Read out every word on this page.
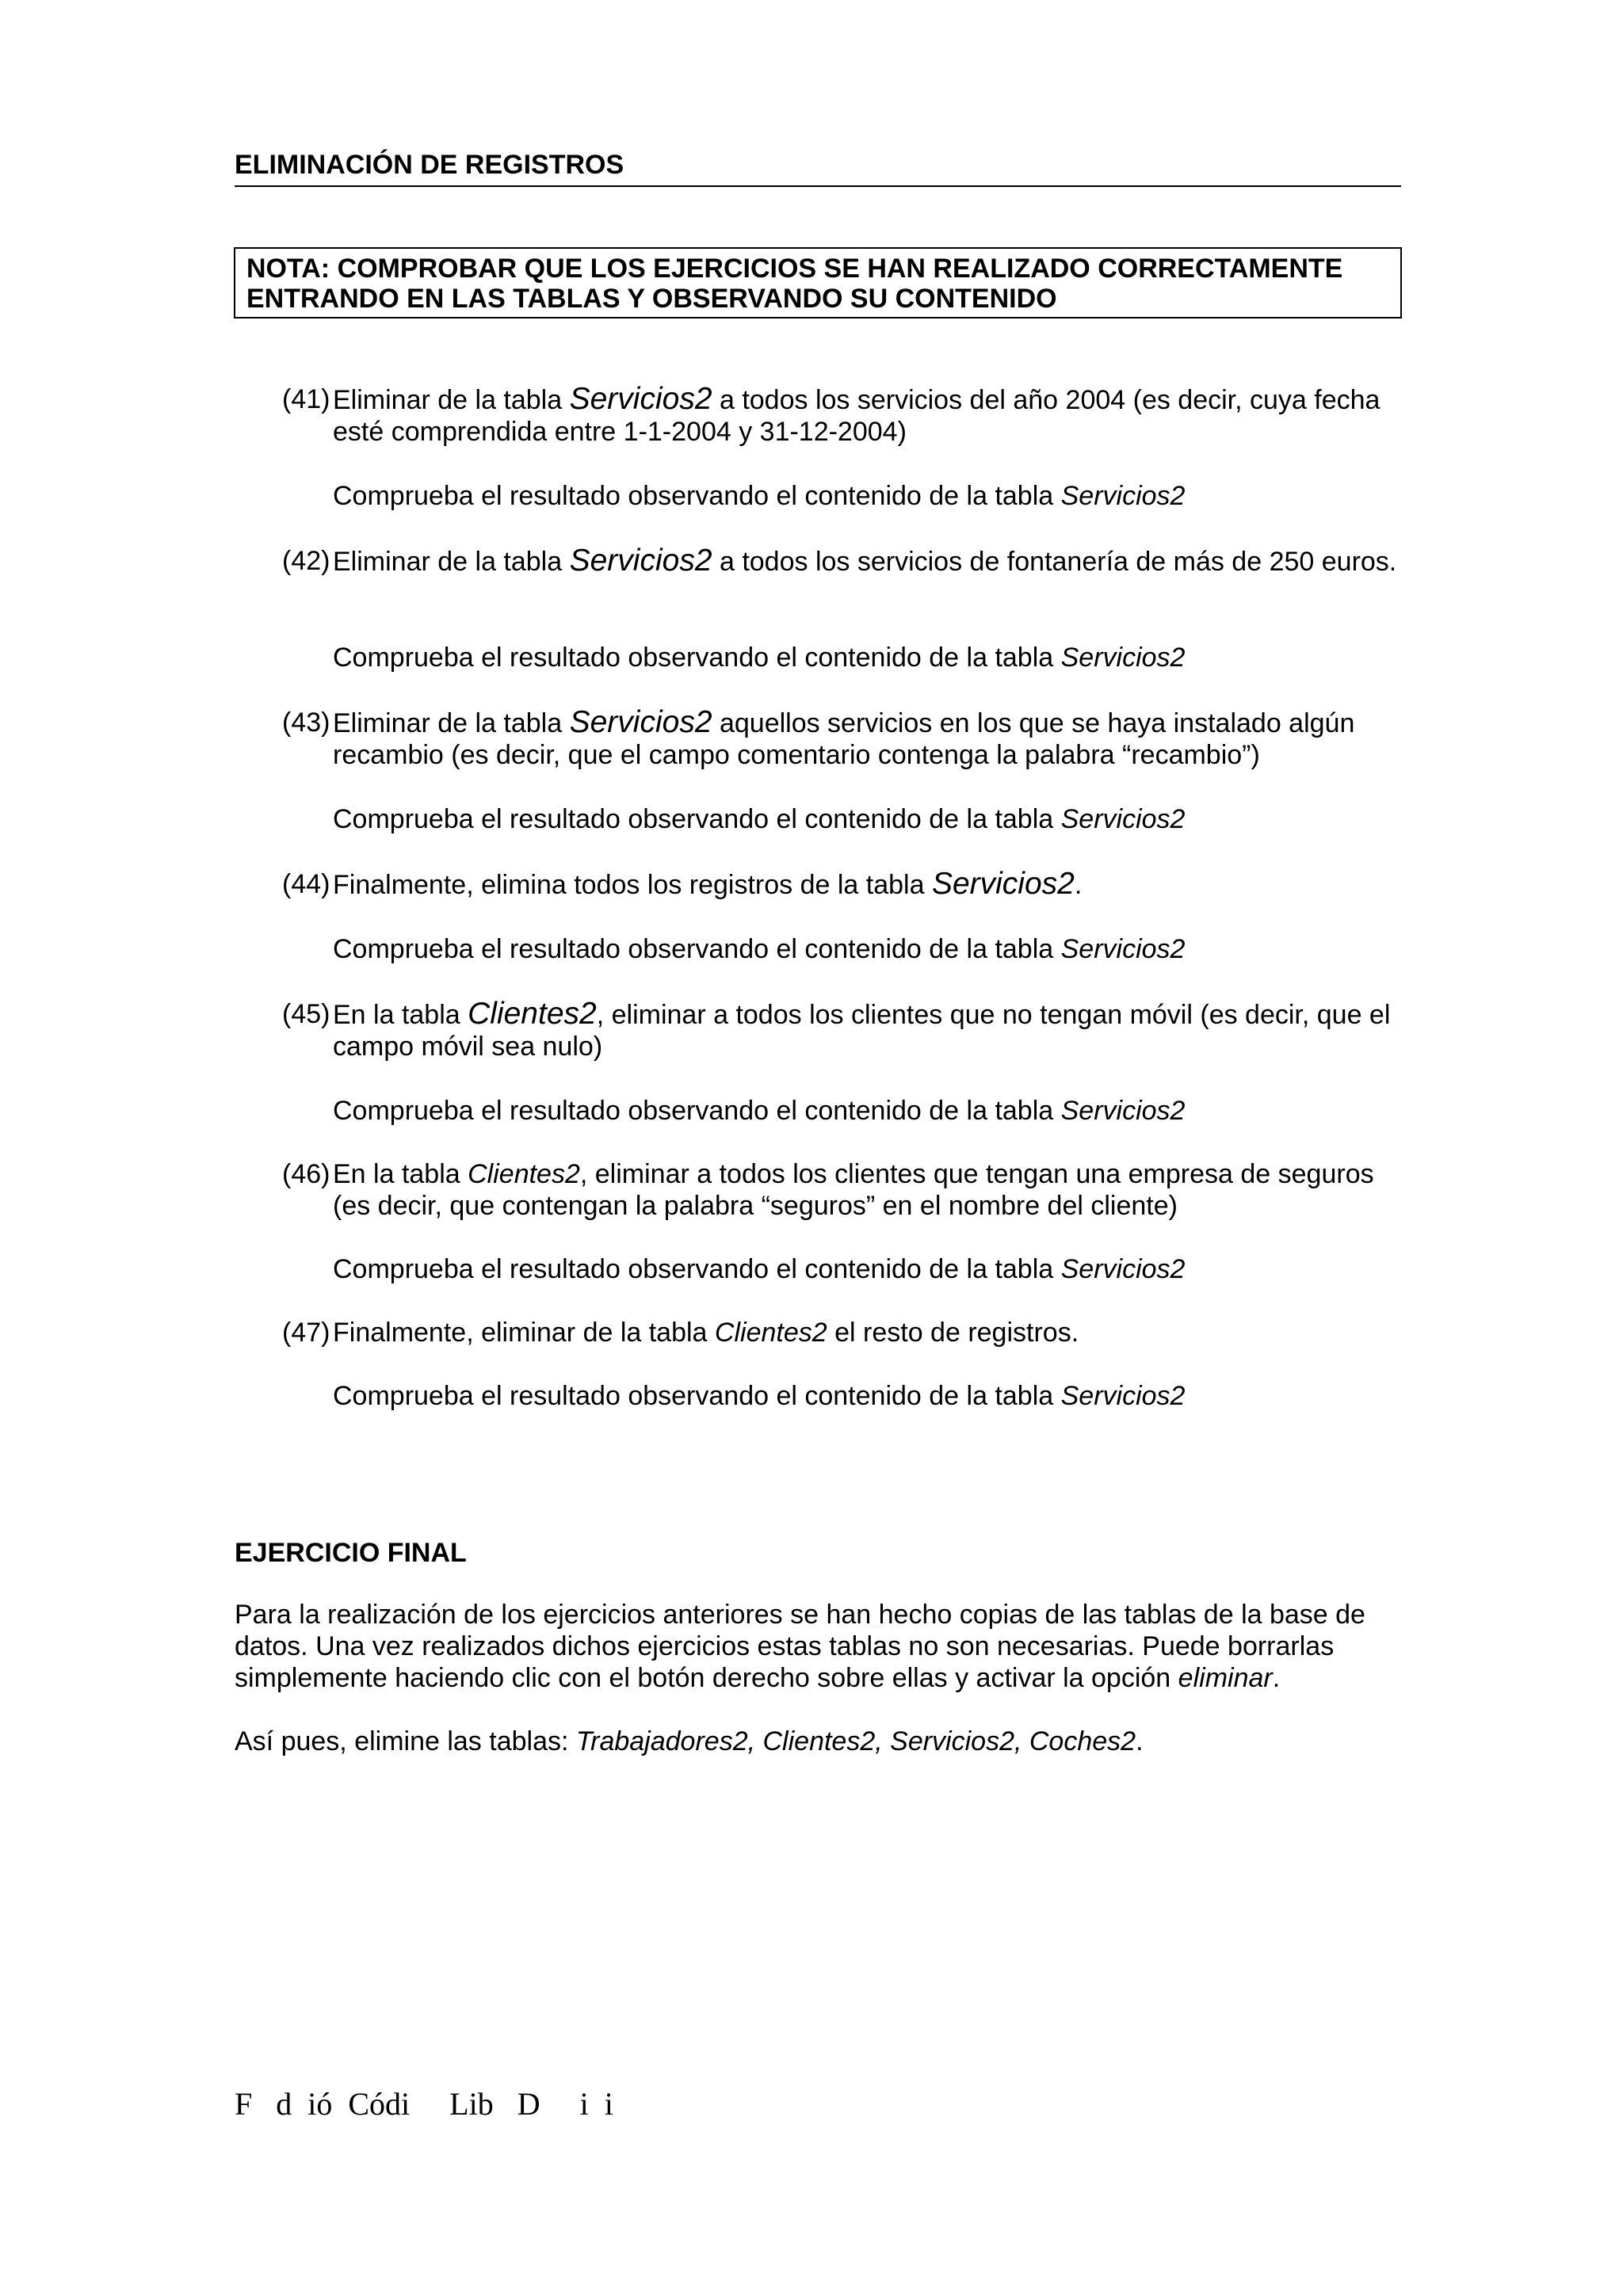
ELIMINACIÓN DE REGISTROS
NOTA: COMPROBAR QUE LOS EJERCICIOS SE HAN REALIZADO CORRECTAMENTE
ENTRANDO EN LAS TABLAS Y OBSERVANDO SU CONTENIDO
(41) Eliminar de la tabla Servicios2 a todos los servicios del año 2004 (es decir, cuya fecha esté comprendida entre 1-1-2004 y 31-12-2004)
Comprueba el resultado observando el contenido de la tabla Servicios2
(42) Eliminar de la tabla Servicios2 a todos los servicios de fontanería de más de 250 euros.
Comprueba el resultado observando el contenido de la tabla Servicios2
(43) Eliminar de la tabla Servicios2 aquellos servicios en los que se haya instalado algún recambio (es decir, que el campo comentario contenga la palabra “recambio”)
Comprueba el resultado observando el contenido de la tabla Servicios2
(44) Finalmente, elimina todos los registros de la tabla Servicios2.
Comprueba el resultado observando el contenido de la tabla Servicios2
(45) En la tabla Clientes2, eliminar a todos los clientes que no tengan móvil (es decir, que el campo móvil sea nulo)
Comprueba el resultado observando el contenido de la tabla Servicios2
(46) En la tabla Clientes2, eliminar a todos los clientes que tengan una empresa de seguros (es decir, que contengan la palabra “seguros” en el nombre del cliente)
Comprueba el resultado observando el contenido de la tabla Servicios2
(47) Finalmente, eliminar de la tabla Clientes2 el resto de registros.
Comprueba el resultado observando el contenido de la tabla Servicios2
EJERCICIO FINAL
Para la realización de los ejercicios anteriores se han hecho copias de las tablas de la base de datos. Una vez realizados dichos ejercicios estas tablas no son necesarias. Puede borrarlas simplemente haciendo clic con el botón derecho sobre ellas y activar la opción eliminar.
Así pues, elimine las tablas: Trabajadores2, Clientes2, Servicios2, Coches2.
F   d  ió  Códi     Lib   D     i  i
